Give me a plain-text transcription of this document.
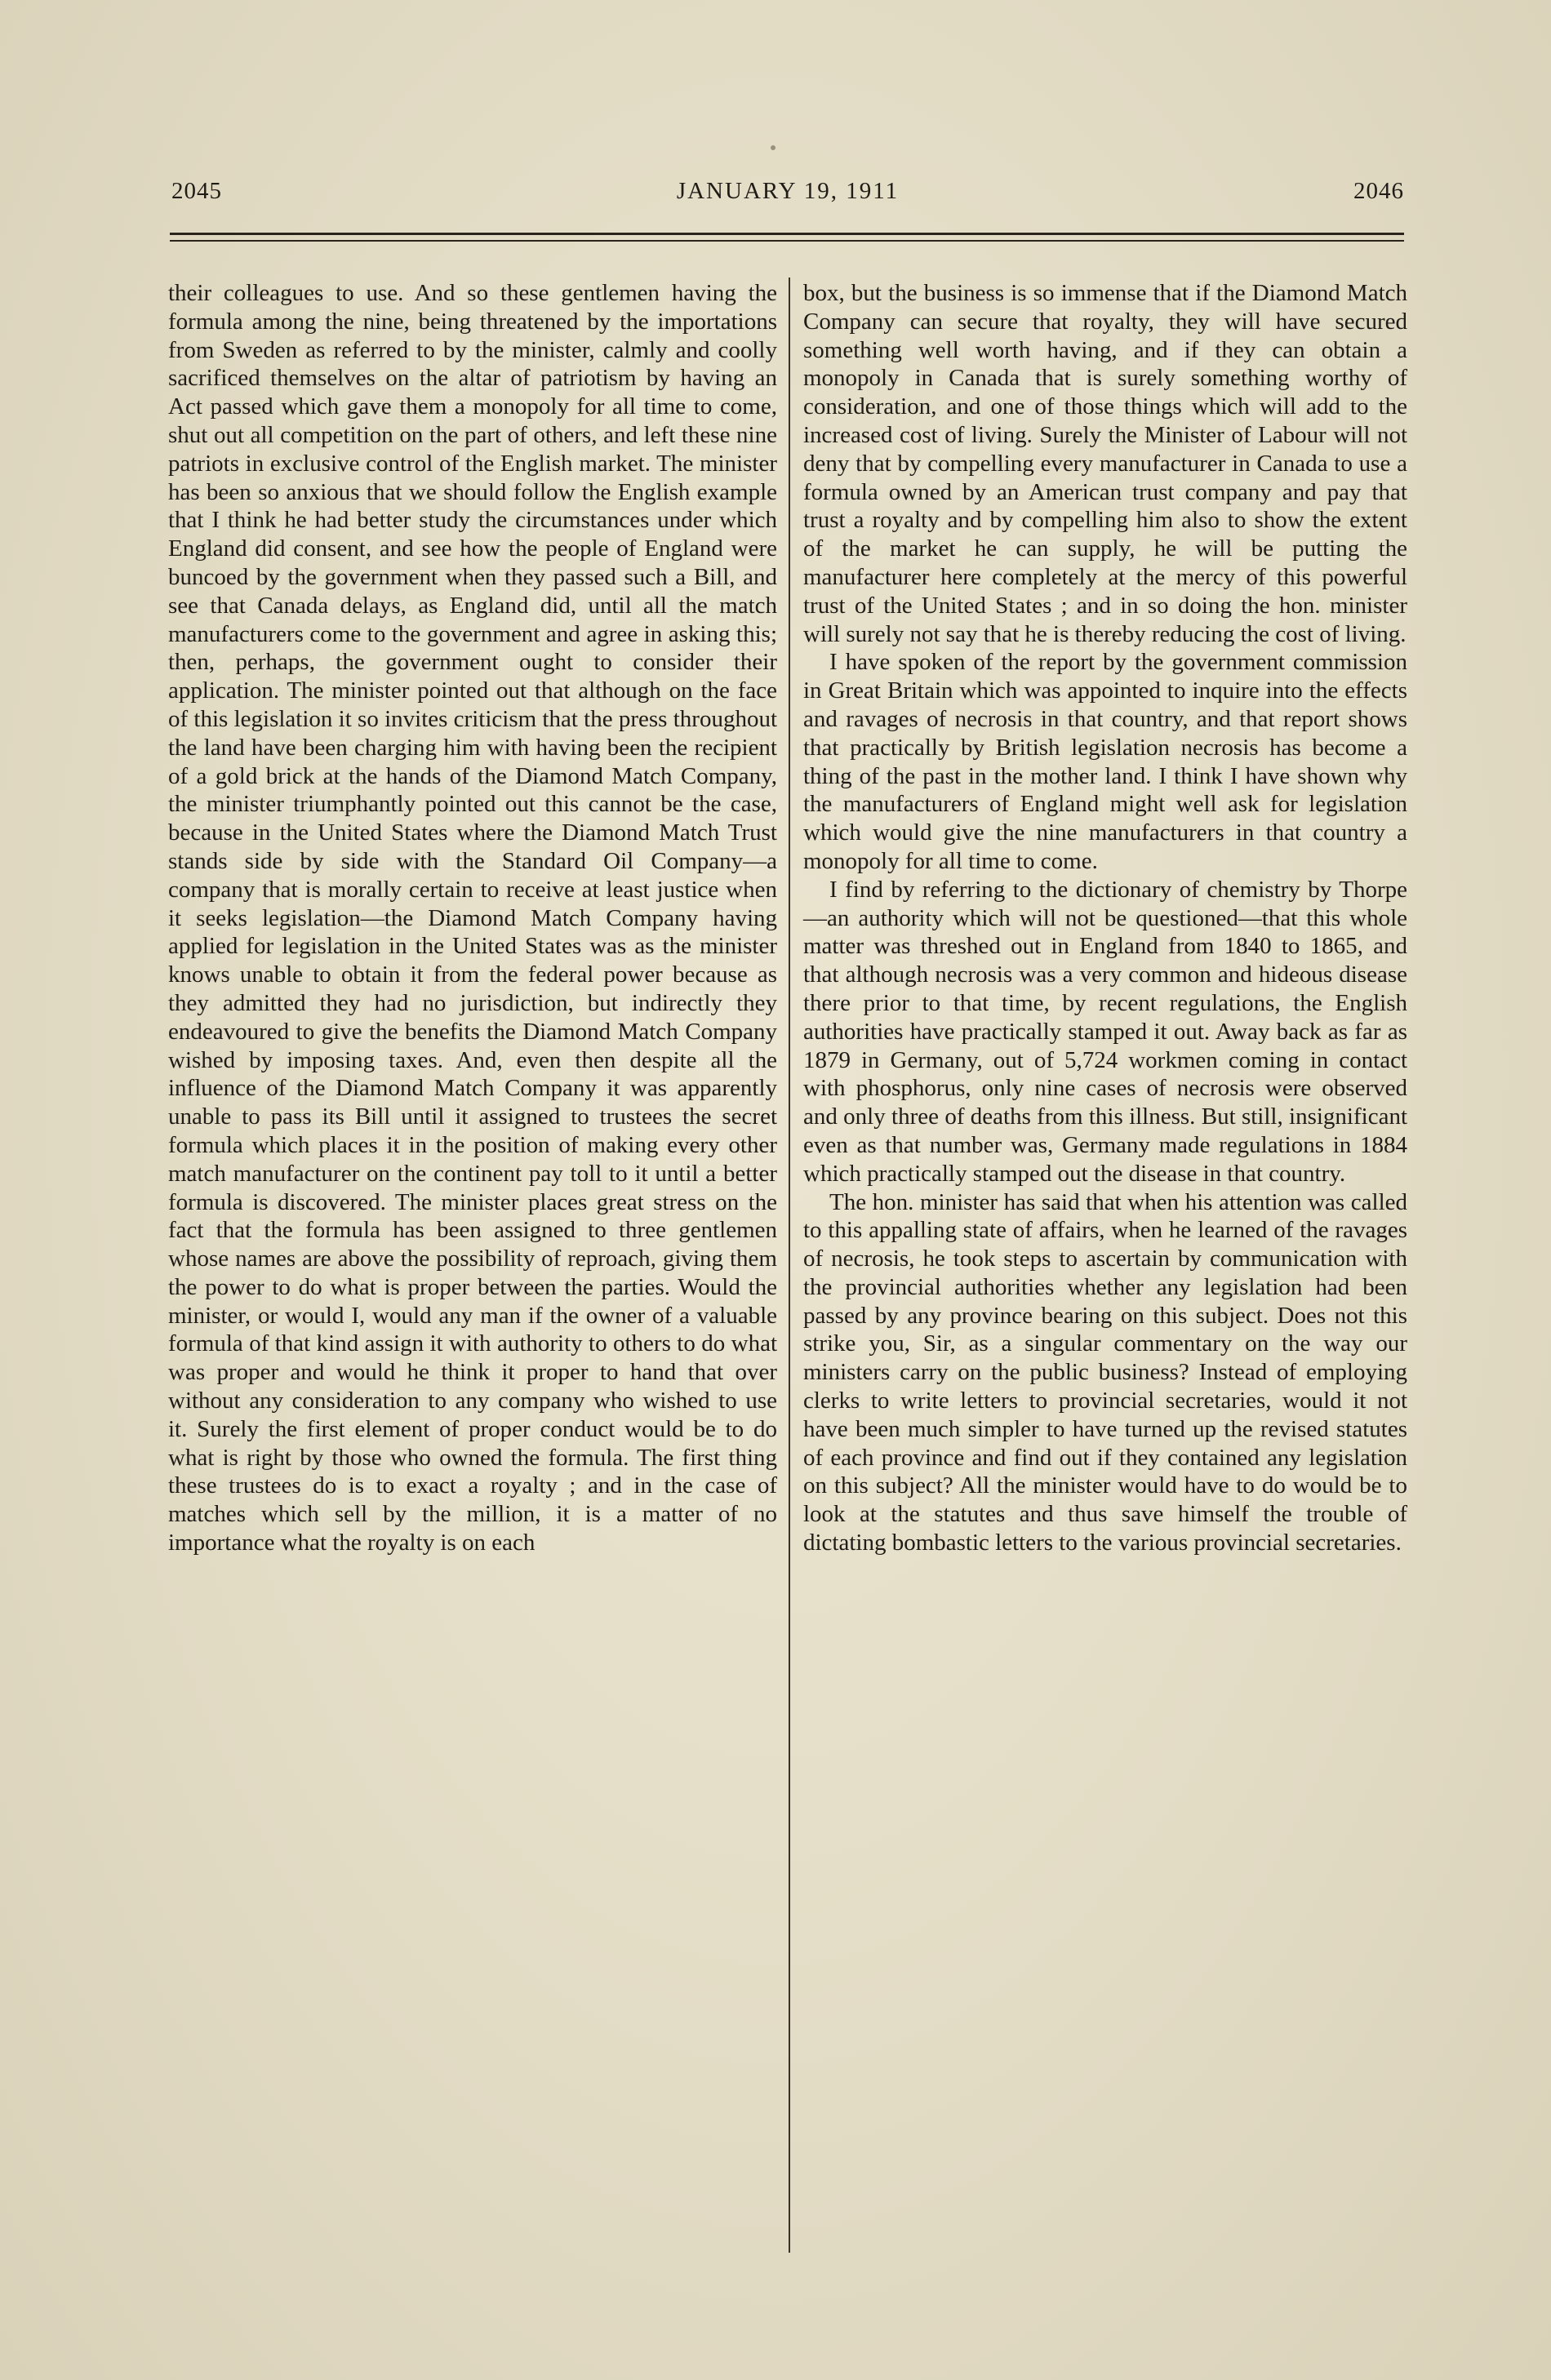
2045	JANUARY 19, 1911	2046

their colleagues to use. And so these gentlemen having the formula among the nine, being threatened by the importations from Sweden as referred to by the minister, calmly and coolly sacrificed themselves on the altar of patriotism by having an Act passed which gave them a monopoly for all time to come, shut out all competition on the part of others, and left these nine patriots in exclusive control of the English market. The minister has been so anxious that we should follow the English example that I think he had better study the circumstances under which England did consent, and see how the people of England were buncoed by the government when they passed such a Bill, and see that Canada delays, as England did, until all the match manufacturers come to the government and agree in asking this; then, perhaps, the government ought to consider their application. The minister pointed out that although on the face of this legislation it so invites criticism that the press throughout the land have been charging him with having been the recipient of a gold brick at the hands of the Diamond Match Company, the minister triumphantly pointed out this cannot be the case, because in the United States where the Diamond Match Trust stands side by side with the Standard Oil Company—a company that is morally certain to receive at least justice when it seeks legislation—the Diamond Match Company having applied for legislation in the United States was as the minister knows unable to obtain it from the federal power because as they admitted they had no jurisdiction, but indirectly they endeavoured to give the benefits the Diamond Match Company wished by imposing taxes. And, even then despite all the influence of the Diamond Match Company it was apparently unable to pass its Bill until it assigned to trustees the secret formula which places it in the position of making every other match manufacturer on the continent pay toll to it until a better formula is discovered. The minister places great stress on the fact that the formula has been assigned to three gentlemen whose names are above the possibility of reproach, giving them the power to do what is proper between the parties. Would the minister, or would I, would any man if the owner of a valuable formula of that kind assign it with authority to others to do what was proper and would he think it proper to hand that over without any consideration to any company who wished to use it. Surely the first element of proper conduct would be to do what is right by those who owned the formula. The first thing these trustees do is to exact a royalty ; and in the case of matches which sell by the million, it is a matter of no importance what the royalty is on each

box, but the business is so immense that if the Diamond Match Company can secure that royalty, they will have secured something well worth having, and if they can obtain a monopoly in Canada that is surely something worthy of consideration, and one of those things which will add to the increased cost of living. Surely the Minister of Labour will not deny that by compelling every manufacturer in Canada to use a formula owned by an American trust company and pay that trust a royalty and by compelling him also to show the extent of the market he can supply, he will be putting the manufacturer here completely at the mercy of this powerful trust of the United States ; and in so doing the hon. minister will surely not say that he is thereby reducing the cost of living.

I have spoken of the report by the government commission in Great Britain which was appointed to inquire into the effects and ravages of necrosis in that country, and that report shows that practically by British legislation necrosis has become a thing of the past in the mother land. I think I have shown why the manufacturers of England might well ask for legislation which would give the nine manufacturers in that country a monopoly for all time to come.

I find by referring to the dictionary of chemistry by Thorpe—an authority which will not be questioned—that this whole matter was threshed out in England from 1840 to 1865, and that although necrosis was a very common and hideous disease there prior to that time, by recent regulations, the English authorities have practically stamped it out. Away back as far as 1879 in Germany, out of 5,724 workmen coming in contact with phosphorus, only nine cases of necrosis were observed and only three of deaths from this illness. But still, insignificant even as that number was, Germany made regulations in 1884 which practically stamped out the disease in that country.

The hon. minister has said that when his attention was called to this appalling state of affairs, when he learned of the ravages of necrosis, he took steps to ascertain by communication with the provincial authorities whether any legislation had been passed by any province bearing on this subject. Does not this strike you, Sir, as a singular commentary on the way our ministers carry on the public business? Instead of employing clerks to write letters to provincial secretaries, would it not have been much simpler to have turned up the revised statutes of each province and find out if they contained any legislation on this subject? All the minister would have to do would be to look at the statutes and thus save himself the trouble of dictating bombastic letters to the various provincial secretaries.
